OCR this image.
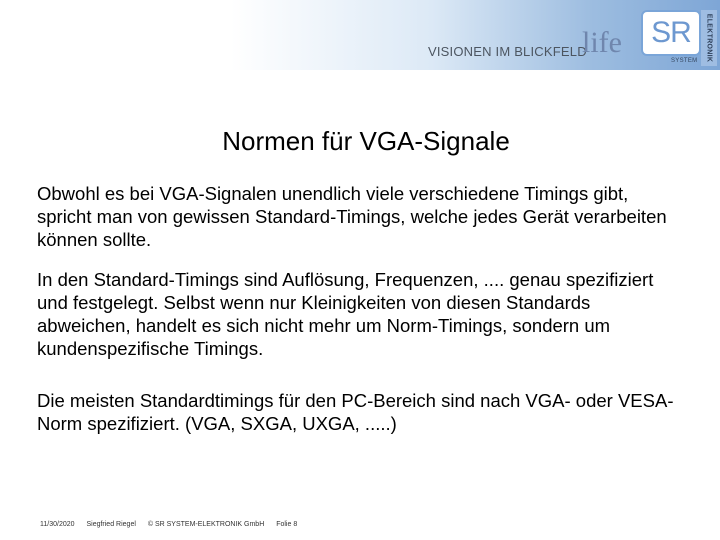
VISIONEN IM BLICKFELD
life SR
SYSTEM ELEKTRONIK
Normen für VGA-Signale
Obwohl es bei VGA-Signalen unendlich viele verschiedene Timings gibt, spricht man von gewissen Standard-Timings, welche jedes Gerät verarbeiten können sollte.
In den Standard-Timings sind Auflösung, Frequenzen, .... genau spezifiziert und festgelegt. Selbst wenn nur Kleinigkeiten von diesen Standards abweichen, handelt es sich nicht mehr um Norm-Timings, sondern um kundenspezifische Timings.
Die meisten Standardtimings für den PC-Bereich sind nach VGA- oder VESA- Norm spezifiziert. (VGA, SXGA, UXGA, .....)
11/30/2020 Siegfried Riegel © SR SYSTEM-ELEKTRONIK GmbH Folie 8
